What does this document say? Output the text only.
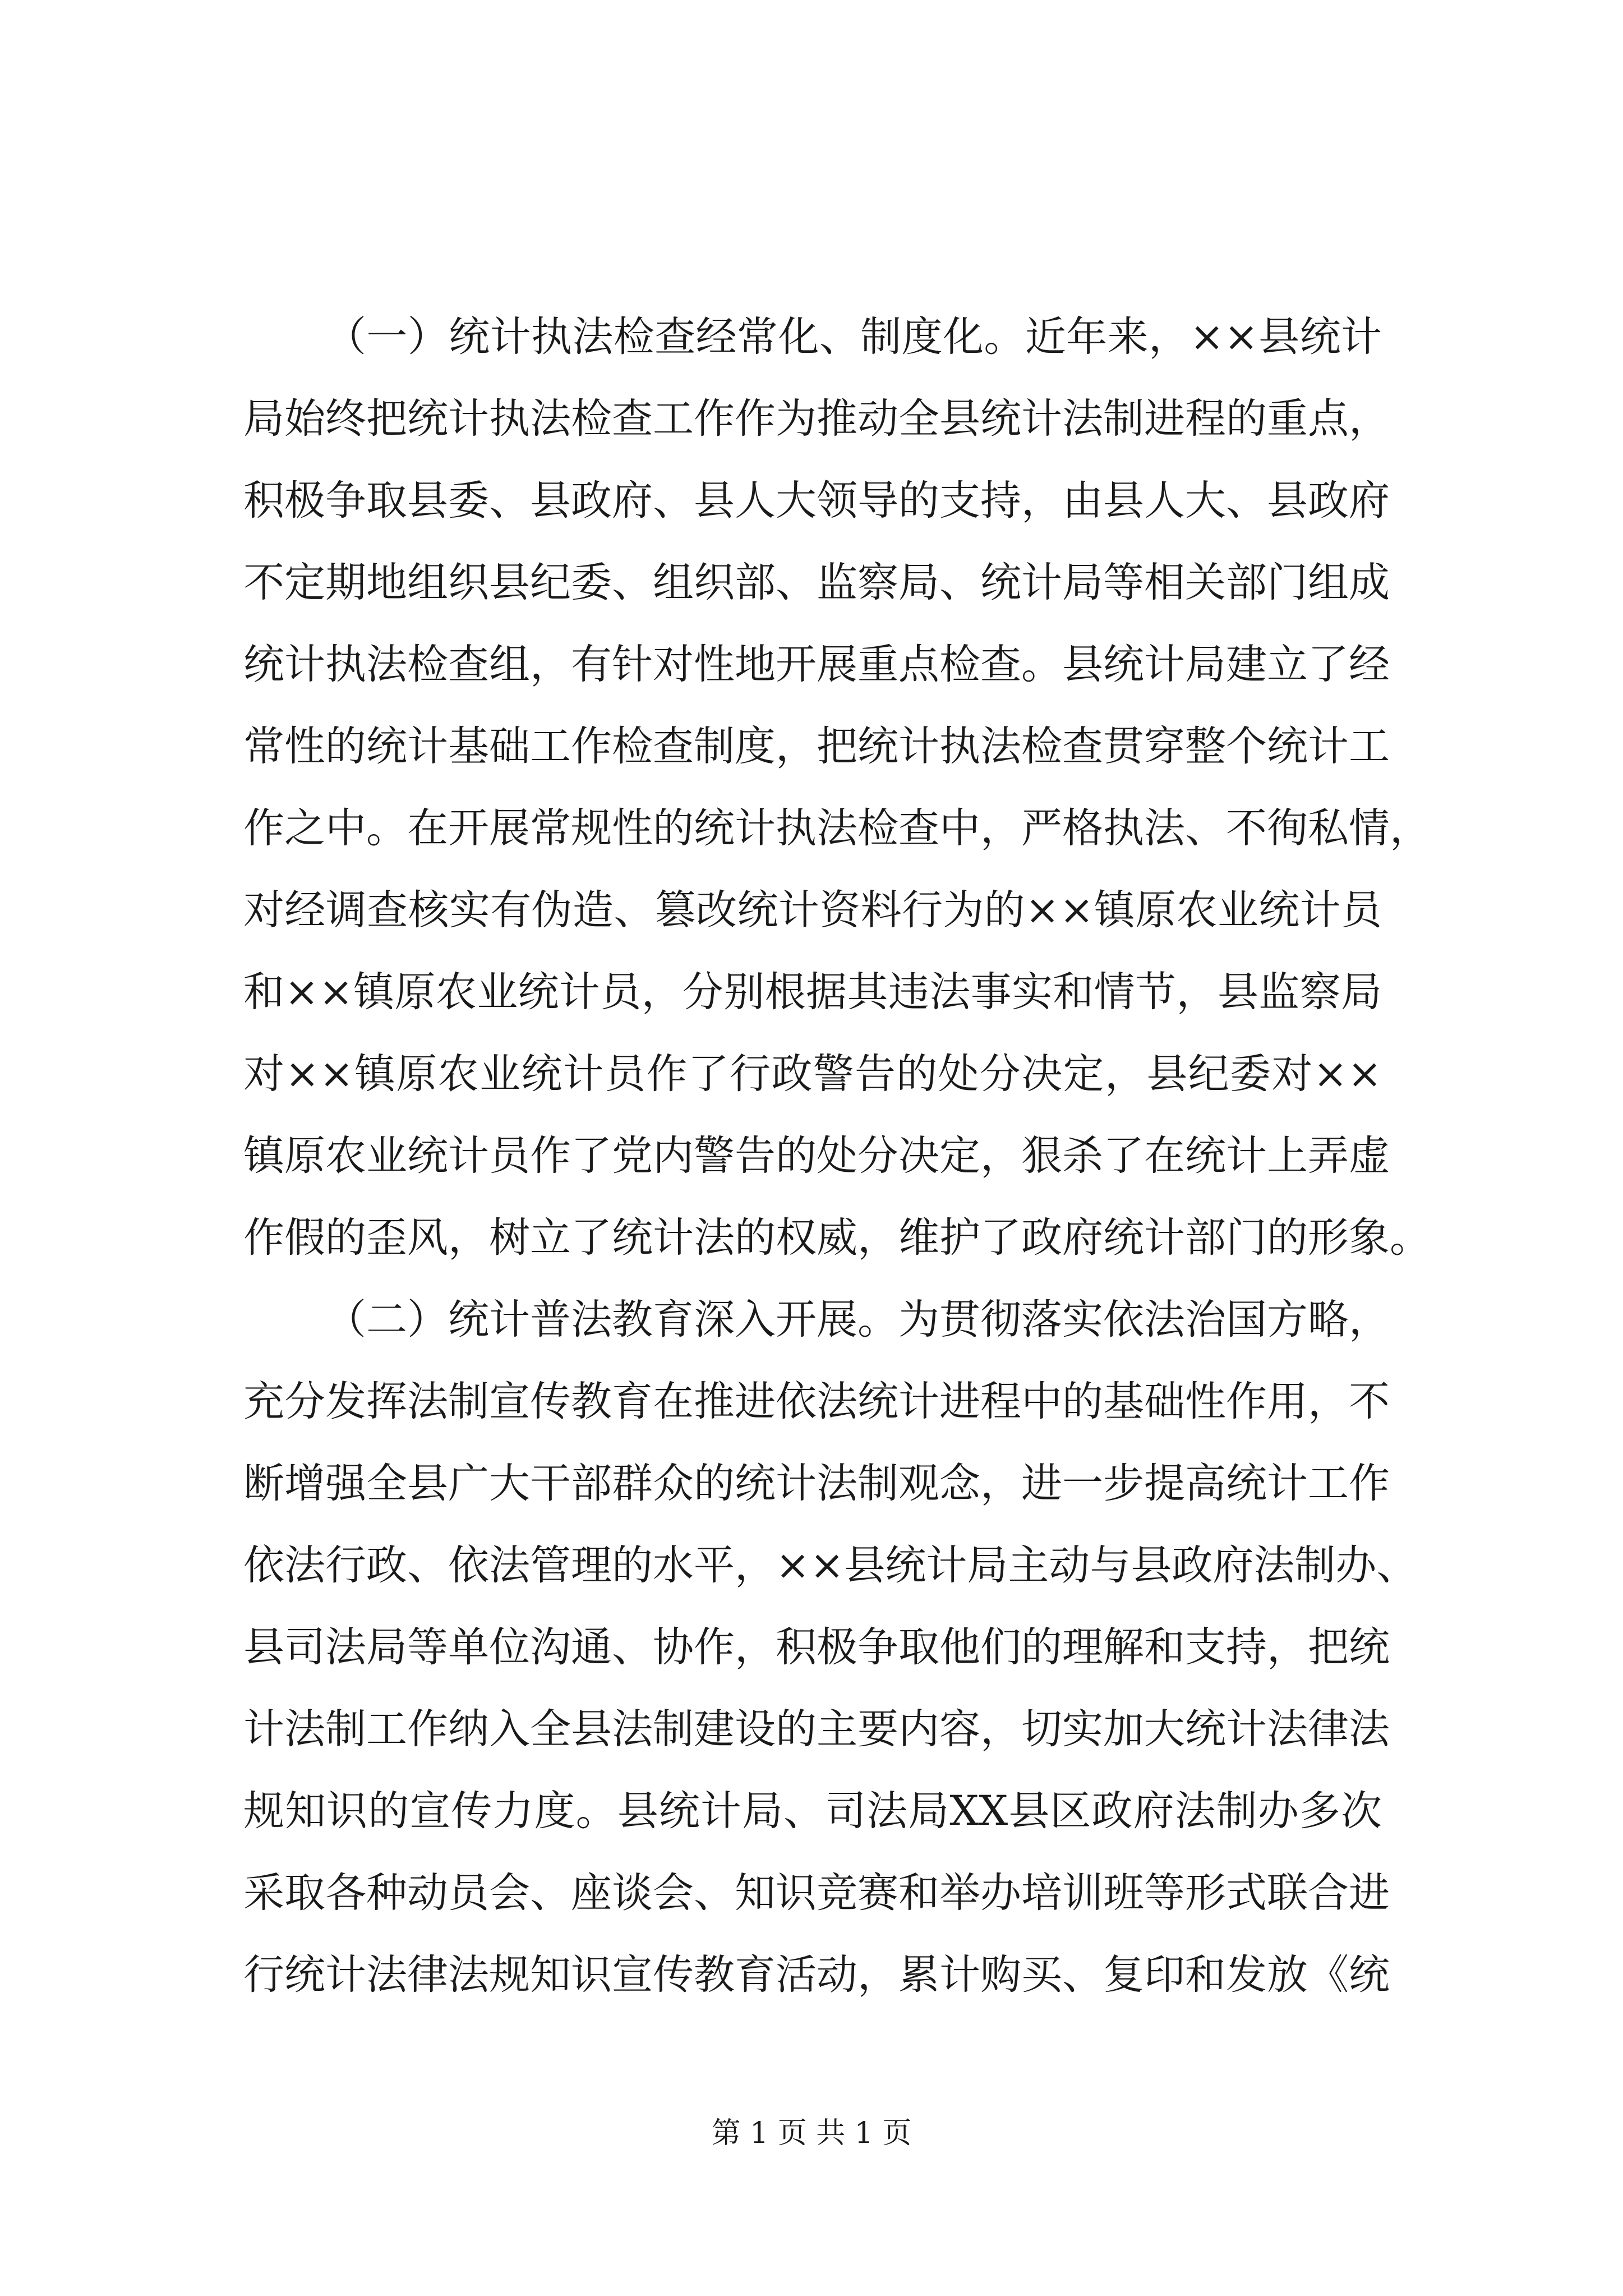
（一）统计执法检查经常化、制度化。近年来，××县统计
局始终把统计执法检查工作作为推动全县统计法制进程的重点，
积极争取县委、县政府、县人大领导的支持，由县人大、县政府
不定期地组织县纪委、组织部、监察局、统计局等相关部门组成
统计执法检查组，有针对性地开展重点检查。县统计局建立了经
常性的统计基础工作检查制度，把统计执法检查贯穿整个统计工
作之中。在开展常规性的统计执法检查中，严格执法、不徇私情，
对经调查核实有伪造、篡改统计资料行为的××镇原农业统计员
和××镇原农业统计员，分别根据其违法事实和情节，县监察局
对××镇原农业统计员作了行政警告的处分决定，县纪委对××
镇原农业统计员作了党内警告的处分决定，狠杀了在统计上弄虚
作假的歪风，树立了统计法的权威，维护了政府统计部门的形象。
（二）统计普法教育深入开展。为贯彻落实依法治国方略，
充分发挥法制宣传教育在推进依法统计进程中的基础性作用，不
断增强全县广大干部群众的统计法制观念，进一步提高统计工作
依法行政、依法管理的水平，××县统计局主动与县政府法制办、
县司法局等单位沟通、协作，积极争取他们的理解和支持，把统
计法制工作纳入全县法制建设的主要内容，切实加大统计法律法
规知识的宣传力度。县统计局、司法局XX县区政府法制办多次
采取各种动员会、座谈会、知识竞赛和举办培训班等形式联合进
行统计法律法规知识宣传教育活动，累计购买、复印和发放《统
第 1 页 共 1 页
